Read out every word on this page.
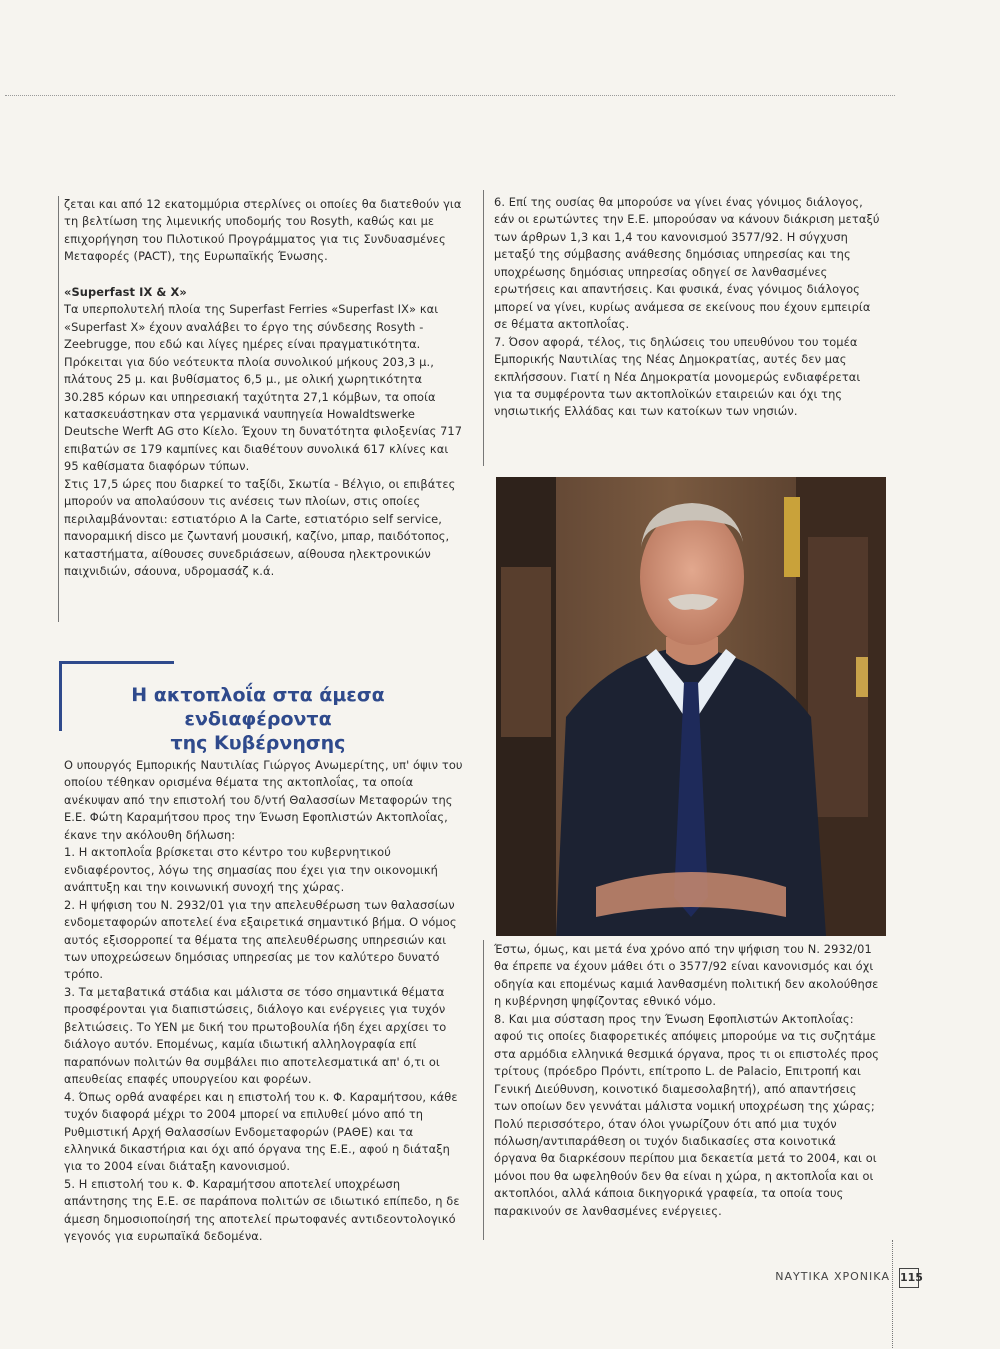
ζεται και από 12 εκατομμύρια στερλίνες οι οποίες θα διατεθούν για τη βελτίωση της λιμενικής υποδομής του Rosyth, καθώς και με επιχορήγηση του Πιλοτικού Προγράμματος για τις Συνδυασμένες Μεταφορές (PACT), της Ευρωπαϊκής Ένωσης.

«Superfast IX & X»

Τα υπερπολυτελή πλοία της Superfast Ferries «Superfast IX» και «Superfast X» έχουν αναλάβει το έργο της σύνδεσης Rosyth - Zeebrugge, που εδώ και λίγες ημέρες είναι πραγματικότητα. Πρόκειται για δύο νεότευκτα πλοία συνολικού μήκους 203,3 μ., πλάτους 25 μ. και βυθίσματος 6,5 μ., με ολική χωρητικότητα 30.285 κόρων και υπηρεσιακή ταχύτητα 27,1 κόμβων, τα οποία κατασκευάστηκαν στα γερμανικά ναυπηγεία Howaldtswerke Deutsche Werft AG στο Κίελο. Έχουν τη δυνατότητα φιλοξενίας 717 επιβατών σε 179 καμπίνες και διαθέτουν συνολικά 617 κλίνες και 95 καθίσματα διαφόρων τύπων.

Στις 17,5 ώρες που διαρκεί το ταξίδι, Σκωτία - Βέλγιο, οι επιβάτες μπορούν να απολαύσουν τις ανέσεις των πλοίων, στις οποίες περιλαμβάνονται: εστιατόριο A la Carte, εστιατόριο self service, πανοραμική disco με ζωντανή μουσική, καζίνο, μπαρ, παιδότοπος, καταστήματα, αίθουσες συνεδριάσεων, αίθουσα ηλεκτρονικών παιχνιδιών, σάουνα, υδρομασάζ κ.ά.

Η ακτοπλοΐα στα άμεσα ενδιαφέροντα
της Κυβέρνησης

Ο υπουργός Εμπορικής Ναυτιλίας Γιώργος Ανωμερίτης, υπ' όψιν του οποίου τέθηκαν ορισμένα θέματα της ακτοπλοΐας, τα οποία ανέκυψαν από την επιστολή του δ/ντή Θαλασσίων Μεταφορών της Ε.Ε. Φώτη Καραμήτσου προς την Ένωση Εφοπλιστών Ακτοπλοΐας, έκανε την ακόλουθη δήλωση:

1. Η ακτοπλοΐα βρίσκεται στο κέντρο του κυβερνητικού ενδιαφέροντος, λόγω της σημασίας που έχει για την οικονομική ανάπτυξη και την κοινωνική συνοχή της χώρας.

2. Η ψήφιση του Ν. 2932/01 για την απελευθέρωση των θαλασσίων ενδομεταφορών αποτελεί ένα εξαιρετικά σημαντικό βήμα. Ο νόμος αυτός εξισορροπεί τα θέματα της απελευθέρωσης υπηρεσιών και των υποχρεώσεων δημόσιας υπηρεσίας με τον καλύτερο δυνατό τρόπο.

3. Τα μεταβατικά στάδια και μάλιστα σε τόσο σημαντικά θέματα προσφέρονται για διαπιστώσεις, διάλογο και ενέργειες για τυχόν βελτιώσεις. Το ΥΕΝ με δική του πρωτοβουλία ήδη έχει αρχίσει το διάλογο αυτόν. Επομένως, καμία ιδιωτική αλληλογραφία επί παραπόνων πολιτών θα συμβάλει πιο αποτελεσματικά απ' ό,τι οι απευθείας επαφές υπουργείου και φορέων.

4. Όπως ορθά αναφέρει και η επιστολή του κ. Φ. Καραμήτσου, κάθε τυχόν διαφορά μέχρι το 2004 μπορεί να επιλυθεί μόνο από τη Ρυθμιστική Αρχή Θαλασσίων Ενδομεταφορών (ΡΑΘΕ) και τα ελληνικά δικαστήρια και όχι από όργανα της Ε.Ε., αφού η διάταξη για το 2004 είναι διάταξη κανονισμού.

5. Η επιστολή του κ. Φ. Καραμήτσου αποτελεί υποχρέωση απάντησης της Ε.Ε. σε παράπονα πολιτών σε ιδιωτικό επίπεδο, η δε άμεση δημοσιοποίησή της αποτελεί πρωτοφανές αντιδεοντολογικό γεγονός για ευρωπαϊκά δεδομένα.

6. Επί της ουσίας θα μπορούσε να γίνει ένας γόνιμος διάλογος, εάν οι ερωτώντες την Ε.Ε. μπορούσαν να κάνουν διάκριση μεταξύ των άρθρων 1,3 και 1,4 του κανονισμού 3577/92. Η σύγχυση μεταξύ της σύμβασης ανάθεσης δημόσιας υπηρεσίας και της υποχρέωσης δημόσιας υπηρεσίας οδηγεί σε λανθασμένες ερωτήσεις και απαντήσεις. Και φυσικά, ένας γόνιμος διάλογος μπορεί να γίνει, κυρίως ανάμεσα σε εκείνους που έχουν εμπειρία σε θέματα ακτοπλοΐας.

7. Όσον αφορά, τέλος, τις δηλώσεις του υπευθύνου του τομέα Εμπορικής Ναυτιλίας της Νέας Δημοκρατίας, αυτές δεν μας εκπλήσσουν. Γιατί η Νέα Δημοκρατία μονομερώς ενδιαφέρεται για τα συμφέροντα των ακτοπλοϊκών εταιρειών και όχι της νησιωτικής Ελλάδας και των κατοίκων των νησιών.

Έστω, όμως, και μετά ένα χρόνο από την ψήφιση του Ν. 2932/01 θα έπρεπε να έχουν μάθει ότι ο 3577/92 είναι κανονισμός και όχι οδηγία και επομένως καμιά λανθασμένη πολιτική δεν ακολούθησε η κυβέρνηση ψηφίζοντας εθνικό νόμο.

8. Και μια σύσταση προς την Ένωση Εφοπλιστών Ακτοπλοΐας: αφού τις οποίες διαφορετικές απόψεις μπορούμε να τις συζητάμε στα αρμόδια ελληνικά θεσμικά όργανα, προς τι οι επιστολές προς τρίτους (πρόεδρο Πρόντι, επίτροπο L. de Palacio, Επιτροπή και Γενική Διεύθυνση, κοινοτικό διαμεσολαβητή), από απαντήσεις των οποίων δεν γεννάται μάλιστα νομική υποχρέωση της χώρας; Πολύ περισσότερο, όταν όλοι γνωρίζουν ότι από μια τυχόν πόλωση/αντιπαράθεση οι τυχόν διαδικασίες στα κοινοτικά όργανα θα διαρκέσουν περίπου μια δεκαετία μετά το 2004, και οι μόνοι που θα ωφεληθούν δεν θα είναι η χώρα, η ακτοπλοΐα και οι ακτοπλόοι, αλλά κάποια δικηγορικά γραφεία, τα οποία τους παρακινούν σε λανθασμένες ενέργειες.

ΝΑΥΤΙΚΑ ΧΡΟΝΙΚΑ 115
